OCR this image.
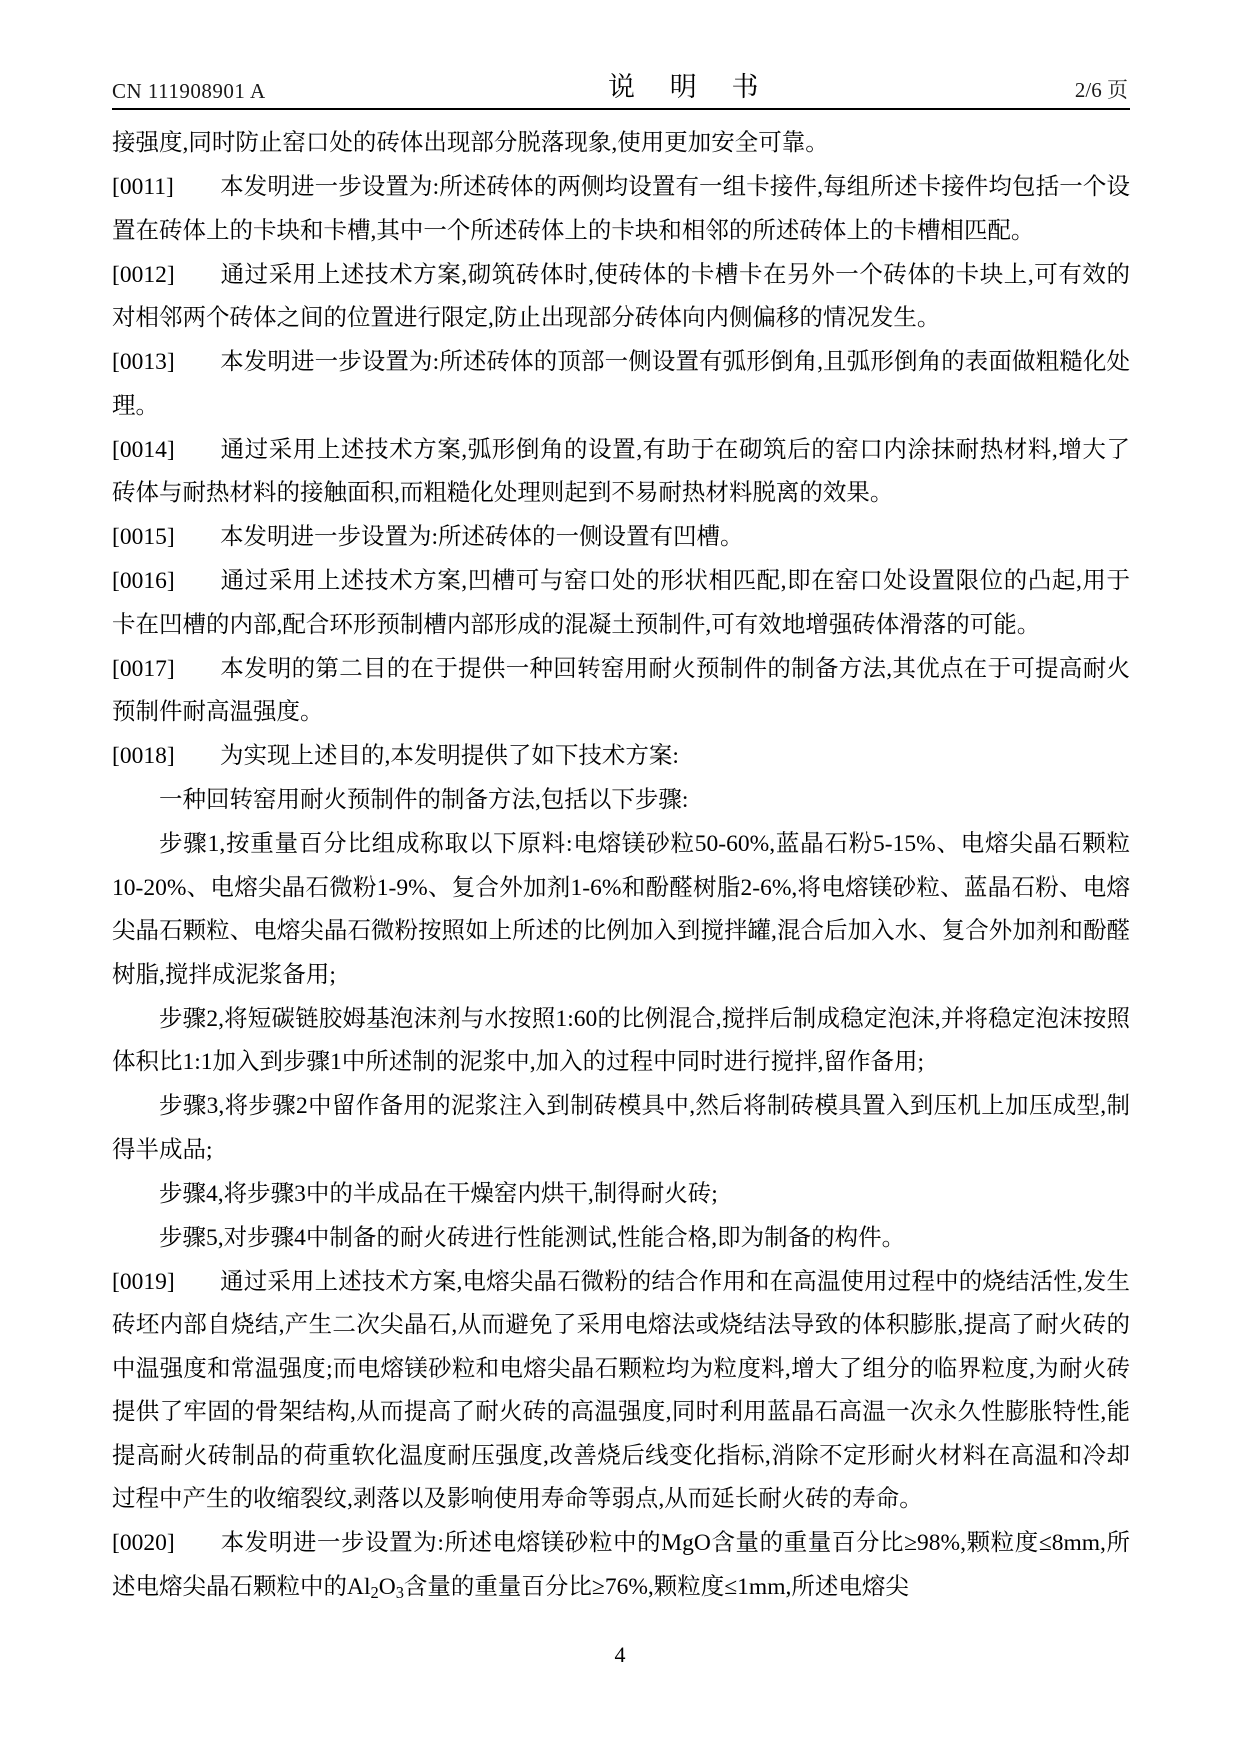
CN 111908901 A	说 明 书	2/6 页

接强度,同时防止窑口处的砖体出现部分脱落现象,使用更加安全可靠。

[0011] 本发明进一步设置为:所述砖体的两侧均设置有一组卡接件,每组所述卡接件均包括一个设置在砖体上的卡块和卡槽,其中一个所述砖体上的卡块和相邻的所述砖体上的卡槽相匹配。

[0012] 通过采用上述技术方案,砌筑砖体时,使砖体的卡槽卡在另外一个砖体的卡块上,可有效的对相邻两个砖体之间的位置进行限定,防止出现部分砖体向内侧偏移的情况发生。

[0013] 本发明进一步设置为:所述砖体的顶部一侧设置有弧形倒角,且弧形倒角的表面做粗糙化处理。

[0014] 通过采用上述技术方案,弧形倒角的设置,有助于在砌筑后的窑口内涂抹耐热材料,增大了砖体与耐热材料的接触面积,而粗糙化处理则起到不易耐热材料脱离的效果。

[0015] 本发明进一步设置为:所述砖体的一侧设置有凹槽。

[0016] 通过采用上述技术方案,凹槽可与窑口处的形状相匹配,即在窑口处设置限位的凸起,用于卡在凹槽的内部,配合环形预制槽内部形成的混凝土预制件,可有效地增强砖体滑落的可能。

[0017] 本发明的第二目的在于提供一种回转窑用耐火预制件的制备方法,其优点在于可提高耐火预制件耐高温强度。

[0018] 为实现上述目的,本发明提供了如下技术方案:

一种回转窑用耐火预制件的制备方法,包括以下步骤:

步骤1,按重量百分比组成称取以下原料:电熔镁砂粒50-60%,蓝晶石粉5-15%、电熔尖晶石颗粒10-20%、电熔尖晶石微粉1-9%、复合外加剂1-6%和酚醛树脂2-6%,将电熔镁砂粒、蓝晶石粉、电熔尖晶石颗粒、电熔尖晶石微粉按照如上所述的比例加入到搅拌罐,混合后加入水、复合外加剂和酚醛树脂,搅拌成泥浆备用;

步骤2,将短碳链胶姆基泡沫剂与水按照1:60的比例混合,搅拌后制成稳定泡沫,并将稳定泡沫按照体积比1:1加入到步骤1中所述制的泥浆中,加入的过程中同时进行搅拌,留作备用;

步骤3,将步骤2中留作备用的泥浆注入到制砖模具中,然后将制砖模具置入到压机上加压成型,制得半成品;

步骤4,将步骤3中的半成品在干燥窑内烘干,制得耐火砖;

步骤5,对步骤4中制备的耐火砖进行性能测试,性能合格,即为制备的构件。

[0019] 通过采用上述技术方案,电熔尖晶石微粉的结合作用和在高温使用过程中的烧结活性,发生砖坯内部自烧结,产生二次尖晶石,从而避免了采用电熔法或烧结法导致的体积膨胀,提高了耐火砖的中温强度和常温强度;而电熔镁砂粒和电熔尖晶石颗粒均为粒度料,增大了组分的临界粒度,为耐火砖提供了牢固的骨架结构,从而提高了耐火砖的高温强度,同时利用蓝晶石高温一次永久性膨胀特性,能提高耐火砖制品的荷重软化温度耐压强度,改善烧后线变化指标,消除不定形耐火材料在高温和冷却过程中产生的收缩裂纹,剥落以及影响使用寿命等弱点,从而延长耐火砖的寿命。

[0020] 本发明进一步设置为:所述电熔镁砂粒中的MgO含量的重量百分比≥98%,颗粒度≤8mm,所述电熔尖晶石颗粒中的$Al_2O_3$含量的重量百分比≥76%,颗粒度≤1mm,所述电熔尖

4
